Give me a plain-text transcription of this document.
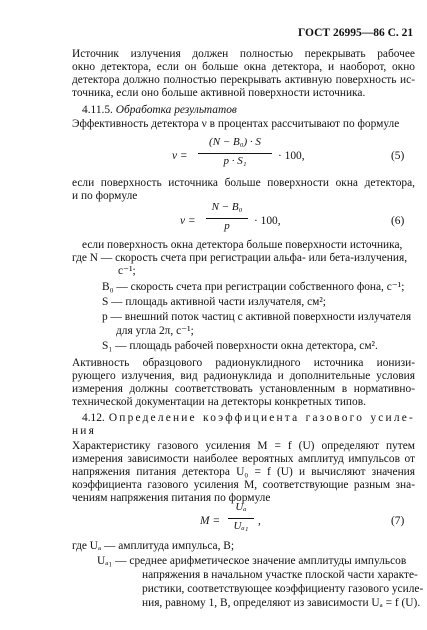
ГОСТ 26995—86 С. 21
Источник излучения должен полностью перекрывать рабочее
окно детектора, если он больше окна детектора, и наоборот, окно
детектора должно полностью перекрывать активную поверхность ис-
точника, если оно больше активной поверхности источника.
4.11.5. Обработка результатов
Эффективность детектора ν в процентах рассчитывают по формуле
ν =
(N − B₀) · S
p · S₁	· 100,	(5)
если поверхность источника больше поверхности окна детектора,
и по формуле
ν =
N − B₀
p	· 100,	(6)
если поверхность окна детектора больше поверхности источника,
где N — скорость счета при регистрации альфа- или бета-излучения,
с⁻¹;
B₀ — скорость счета при регистрации собственного фона, с⁻¹;
S — площадь активной части излучателя, см²;
p — внешний поток частиц с активной поверхности излучателя
для угла 2π, с⁻¹;
S₁ — площадь рабочей поверхности окна детектора, см².
Активность образцового радионуклидного источника ионизи-
рующего излучения, вид радионуклида и дополнительные условия
измерения должны соответствовать установленным в нормативно-
технической документации на детекторы конкретных типов.
4.12. Определение коэффициента газового усиле-
ния
Характеристику газового усиления M = f (U) определяют путем
измерения зависимости наиболее вероятных амплитуд импульсов от
напряжения питания детектора U₀ = f (U) и вычисляют значения
коэффициента газового усиления M, соответствующие разным зна-
чениям напряжения питания по формуле
M =
Uₐ
Uₐ₁ ,	(7)
где Uₐ — амплитуда импульса, В;
Uₐ₁ — среднее арифметическое значение амплитуды импульсов
напряжения в начальном участке плоской части характе-
ристики, соответствующее коэффициенту газового усиле-
ния, равному 1, В, определяют из зависимости Uₐ = f (U).
